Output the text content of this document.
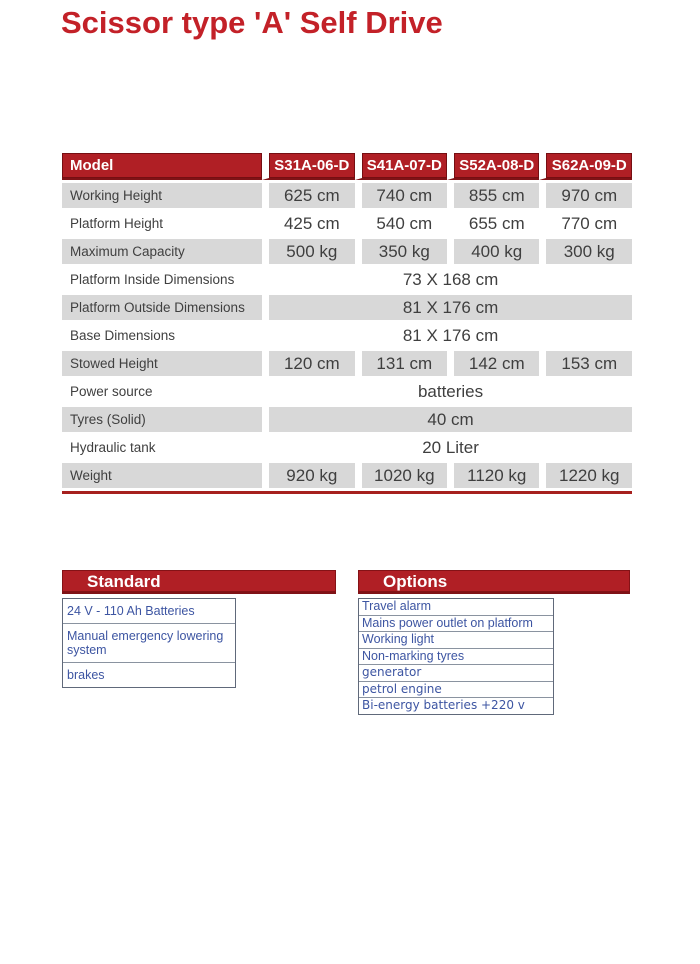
Scissor type 'A' Self Drive
Model	S31A-06-D	S41A-07-D	S52A-08-D	S62A-09-D
Working Height	625 cm	740 cm	855 cm	970 cm
Platform Height	425 cm	540 cm	655 cm	770 cm
Maximum Capacity	500 kg	350 kg	400 kg	300 kg
Platform Inside Dimensions	73 X 168 cm			
Platform Outside Dimensions	81 X 176 cm			
Base Dimensions	81 X 176 cm			
Stowed Height	120 cm	131 cm	142 cm	153 cm
Power source	batteries			
Tyres (Solid)	40 cm			
Hydraulic tank	20 Liter			
Weight	920 kg	1020 kg	1120 kg	1220 kg
Standard
24 V - 110 Ah Batteries
Manual emergency lowering system
brakes
Options
Travel alarm
Mains power outlet on platform
Working light
Non-marking tyres
generator
petrol engine
Bi-energy batteries +220 v
